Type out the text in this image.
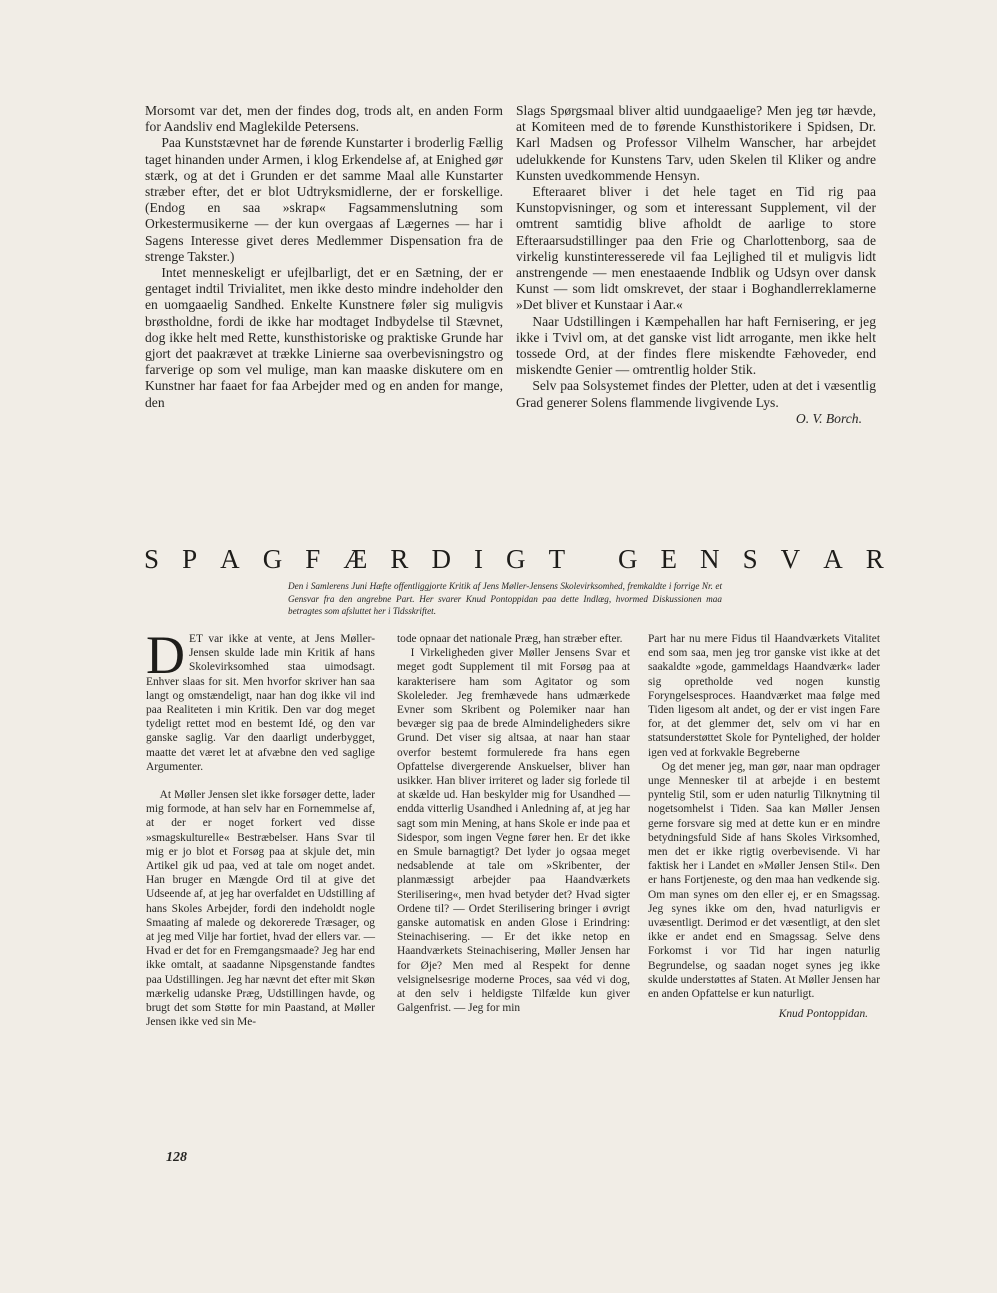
Morsomt var det, men der findes dog, trods alt, en anden Form for Aandsliv end Maglekilde Petersens.

Paa Kunststævnet har de førende Kunstarter i broderlig Fællig taget hinanden under Armen, i klog Erkendelse af, at Enighed gør stærk, og at det i Grunden er det samme Maal alle Kunstarter stræber efter, det er blot Udtryksmidlerne, der er forskellige. (Endog en saa »skrap« Fagsammenslutning som Orkestermusikerne — der kun overgaas af Lægernes — har i Sagens Interesse givet deres Medlemmer Dispensation fra de strenge Takster.)

Intet menneskeligt er ufejlbarligt, det er en Sætning, der er gentaget indtil Trivialitet, men ikke desto mindre indeholder den en uomgaaelig Sandhed. Enkelte Kunstnere føler sig muligvis brøstholdne, fordi de ikke har modtaget Indbydelse til Stævnet, dog ikke helt med Rette, kunsthistoriske og praktiske Grunde har gjort det paakrævet at trække Linierne saa overbevisningstro og farverige op som vel mulige, man kan maaske diskutere om en Kunstner har faaet for faa Arbejder med og en anden for mange, den

Slags Spørgsmaal bliver altid uundgaaelige? Men jeg tør hævde, at Komiteen med de to førende Kunsthistorikere i Spidsen, Dr. Karl Madsen og Professor Vilhelm Wanscher, har arbejdet udelukkende for Kunstens Tarv, uden Skelen til Kliker og andre Kunsten uvedkommende Hensyn.

Efteraaret bliver i det hele taget en Tid rig paa Kunstopvisninger, og som et interessant Supplement, vil der omtrent samtidig blive afholdt de aarlige to store Efteraarsudstillinger paa den Frie og Charlottenborg, saa de virkelig kunstinteresserede vil faa Lejlighed til et muligvis lidt anstrengende — men enestaaende Indblik og Udsyn over dansk Kunst — som lidt omskrevet, der staar i Boghandlerreklamerne »Det bliver et Kunstaar i Aar.«

Naar Udstillingen i Kæmpehallen har haft Fernisering, er jeg ikke i Tvivl om, at det ganske vist lidt arrogante, men ikke helt tossede Ord, at der findes flere miskendte Fæhoveder, end miskendte Genier — omtrentlig holder Stik.

Selv paa Solsystemet findes der Pletter, uden at det i væsentlig Grad generer Solens flammende livgivende Lys.

O. V. Borch.
S P A G F Æ R D I G T
G E N S V A R
Den i Samlerens Juni Hæfte offentliggjorte Kritik af Jens Møller-Jensens Skolevirksomhed, fremkaldte i forrige Nr. et Gensvar fra den angrebne Part. Her svarer Knud Pontoppidan paa dette Indlæg, hvormed Diskussionen maa betragtes som afsluttet her i Tidsskriftet.

DET var ikke at vente, at Jens Møller-Jensen skulde lade min Kritik af hans Skolevirksomhed staa uimodsagt. Enhver slaas for sit. Men hvorfor skriver han saa langt og omstændeligt, naar han dog ikke vil ind paa Realiteten i min Kritik. Den var dog meget tydeligt rettet mod en bestemt Idé, og den var ganske saglig. Var den daarligt underbygget, maatte det været let at afvæbne den ved saglige Argumenter.

At Møller Jensen slet ikke forsøger dette, lader mig formode, at han selv har en Fornemmelse af, at der er noget forkert ved disse »smagskulturelle« Bestræbelser. Hans Svar til mig er jo blot et Forsøg paa at skjule det, min Artikel gik ud paa, ved at tale om noget andet. Han bruger en Mængde Ord til at give det Udseende af, at jeg har overfaldet en Udstilling af hans Skoles Arbejder, fordi den indeholdt nogle Smaating af malede og dekorerede Træsager, og at jeg med Vilje har fortiet, hvad der ellers var. — Hvad er det for en Fremgangsmaade? Jeg har end ikke omtalt, at saadanne Nipsgenstande fandtes paa Udstillingen. Jeg har nævnt det efter mit Skøn mærkelig udanske Præg, Udstillingen havde, og brugt det som Støtte for min Paastand, at Møller Jensen ikke ved sin Me-

tode opnaar det nationale Præg, han stræber efter.

I Virkeligheden giver Møller Jensens Svar et meget godt Supplement til mit Forsøg paa at karakterisere ham som Agitator og som Skoleleder. Jeg fremhævede hans udmærkede Evner som Skribent og Polemiker naar han bevæger sig paa de brede Almindeligheders sikre Grund. Det viser sig altsaa, at naar han staar overfor bestemt formulerede fra hans egen Opfattelse divergerende Anskuelser, bliver han usikker. Han bliver irriteret og lader sig forlede til at skælde ud. Han beskylder mig for Usandhed — endda vitterlig Usandhed i Anledning af, at jeg har sagt som min Mening, at hans Skole er inde paa et Sidespor, som ingen Vegne fører hen. Er det ikke en Smule barnagtigt? Det lyder jo ogsaa meget nedsablende at tale om »Skribenter, der planmæssigt arbejder paa Haandværkets Sterilisering«, men hvad betyder det? Hvad sigter Ordene til? — Ordet Sterilisering bringer i øvrigt ganske automatisk en anden Glose i Erindring: Steinachisering. — Er det ikke netop en Haandværkets Steinachisering, Møller Jensen har for Øje? Men med al Respekt for denne velsignelsesrige moderne Proces, saa véd vi dog, at den selv i heldigste Tilfælde kun giver Galgenfrist. — Jeg for min

Part har nu mere Fidus til Haandværkets Vitalitet end som saa, men jeg tror ganske vist ikke at det saakaldte »gode, gammeldags Haandværk« lader sig opretholde ved nogen kunstig Foryngelsesproces. Haandværket maa følge med Tiden ligesom alt andet, og der er vist ingen Fare for, at det glemmer det, selv om vi har en statsunderstøttet Skole for Pyntelighed, der holder igen ved at forkvakle Begreberne

Og det mener jeg, man gør, naar man opdrager unge Mennesker til at arbejde i en bestemt pyntelig Stil, som er uden naturlig Tilknytning til nogetsomhelst i Tiden. Saa kan Møller Jensen gerne forsvare sig med at dette kun er en mindre betydningsfuld Side af hans Skoles Virksomhed, men det er ikke rigtig overbevisende. Vi har faktisk her i Landet en »Møller Jensen Stil«. Den er hans Fortjeneste, og den maa han vedkende sig. Om man synes om den eller ej, er en Smagssag. Jeg synes ikke om den, hvad naturligvis er uvæsentligt. Derimod er det væsentligt, at den slet ikke er andet end en Smagssag. Selve dens Forkomst i vor Tid har ingen naturlig Begrundelse, og saadan noget synes jeg ikke skulde understøttes af Staten. At Møller Jensen har en anden Opfattelse er kun naturligt.

Knud Pontoppidan.
128
